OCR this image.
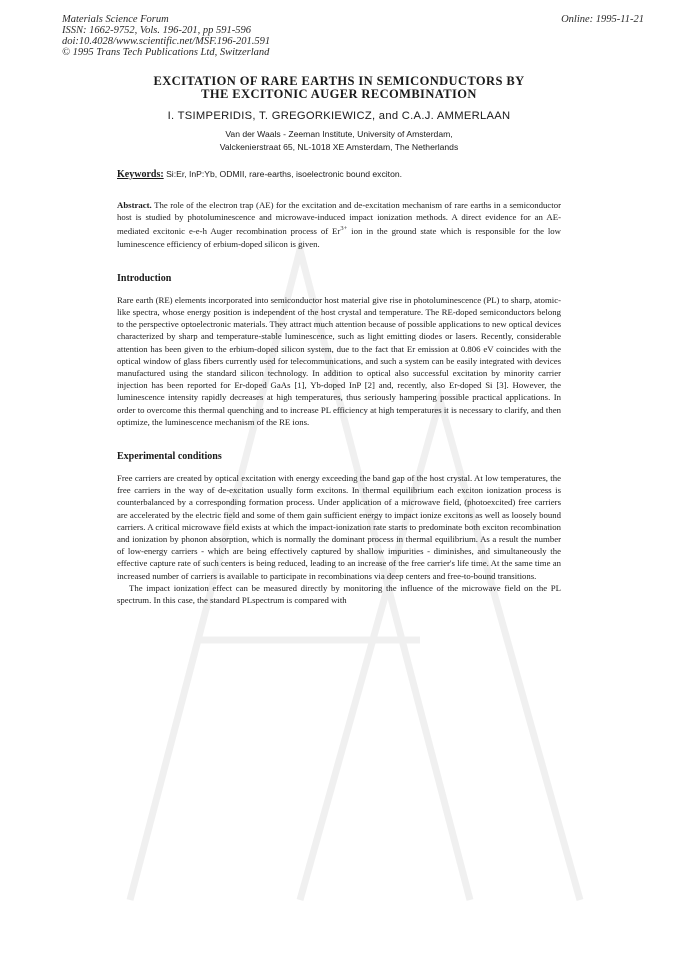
Materials Science Forum
ISSN: 1662-9752, Vols. 196-201, pp 591-596
doi:10.4028/www.scientific.net/MSF.196-201.591
© 1995 Trans Tech Publications Ltd, Switzerland
Online: 1995-11-21
EXCITATION OF RARE EARTHS IN SEMICONDUCTORS BY
THE EXCITONIC AUGER RECOMBINATION
I. TSIMPERIDIS, T. GREGORKIEWICZ, and C.A.J. AMMERLAAN
Van der Waals - Zeeman Institute, University of Amsterdam,
Valckenierstraat 65, NL-1018 XE Amsterdam, The Netherlands
Keywords: Si:Er, InP:Yb, ODMII, rare-earths, isoelectronic bound exciton.

Abstract. The role of the electron trap (AE) for the excitation and de-excitation mechanism of rare earths in a semiconductor host is studied by photoluminescence and microwave-induced impact ionization methods. A direct evidence for an AE-mediated excitonic e-e-h Auger recombination process of $Er^{3+}$ ion in the ground state which is responsible for the low luminescence efficiency of erbium-doped silicon is given.

Introduction

Rare earth (RE) elements incorporated into semiconductor host material give rise in photoluminescence (PL) to sharp, atomic-like spectra, whose energy position is independent of the host crystal and temperature. The RE-doped semiconductors belong to the perspective optoelectronic materials. They attract much attention because of possible applications to new optical devices characterized by sharp and temperature-stable luminescence, such as light emitting diodes or lasers. Recently, considerable attention has been given to the erbium-doped silicon system, due to the fact that Er emission at 0.806 eV coincides with the optical window of glass fibers currently used for telecommunications, and such a system can be easily integrated with devices manufactured using the standard silicon technology. In addition to optical also successful excitation by minority carrier injection has been reported for Er-doped GaAs [1], Yb-doped InP [2] and, recently, also Er-doped Si [3]. However, the luminescence intensity rapidly decreases at high temperatures, thus seriously hampering possible practical applications. In order to overcome this thermal quenching and to increase PL efficiency at high temperatures it is necessary to clarify, and then optimize, the luminescence mechanism of the RE ions.

Experimental conditions

Free carriers are created by optical excitation with energy exceeding the band gap of the host crystal. At low temperatures, the free carriers in the way of de-excitation usually form excitons. In thermal equilibrium each exciton ionization process is counterbalanced by a corresponding formation process. Under application of a microwave field, (photoexcited) free carriers are accelerated by the electric field and some of them gain sufficient energy to impact ionize excitons as well as loosely bound carriers. A critical microwave field exists at which the impact-ionization rate starts to predominate both exciton recombination and ionization by phonon absorption, which is normally the dominant process in thermal equilibrium. As a result the number of low-energy carriers - which are being effectively captured by shallow impurities - diminishes, and simultaneously the effective capture rate of such centers is being reduced, leading to an increase of the free carrier's life time. At the same time an increased number of carriers is available to participate in recombinations via deep centers and free-to-bound transitions.

The impact ionization effect can be measured directly by monitoring the influence of the microwave field on the PL spectrum. In this case, the standard PLspectrum is compared with
